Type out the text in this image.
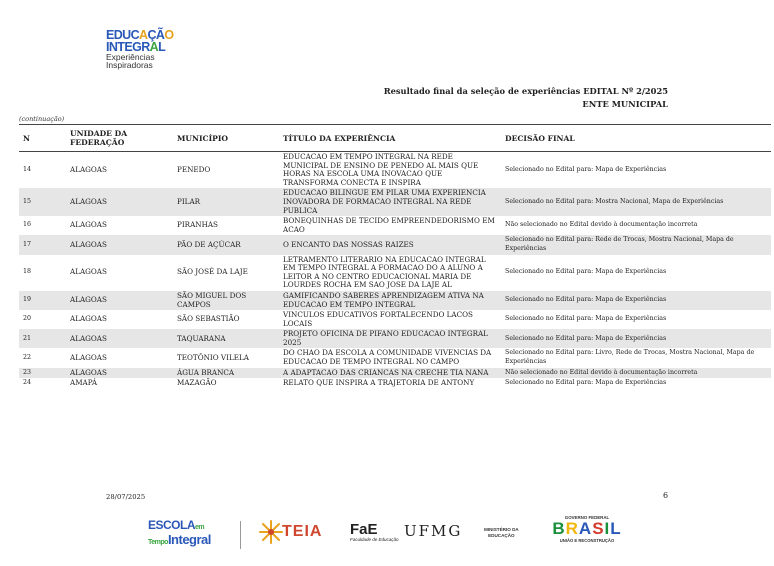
EDUCAÇÃO
INTEGRAL
Experiências
Inspiradoras
Resultado final da seleção de experiências EDITAL Nº 2/2025
ENTE MUNICIPAL
(continuação)
N	UNIDADE DA FEDERAÇÃO	MUNICÍPIO	TÍTULO DA EXPERIÊNCIA	DECISÃO FINAL
14	ALAGOAS	PENEDO	EDUCACAO EM TEMPO INTEGRAL NA REDE MUNICIPAL DE ENSINO DE PENEDO AL MAIS QUE HORAS NA ESCOLA UMA INOVACAO QUE TRANSFORMA CONECTA E INSPIRA	Selecionado no Edital para: Mapa de Experiências
15	ALAGOAS	PILAR	EDUCACAO BILINGUE EM PILAR UMA EXPERIENCIA INOVADORA DE FORMACAO INTEGRAL NA REDE PUBLICA	Selecionado no Edital para: Mostra Nacional, Mapa de Experiências
16	ALAGOAS	PIRANHAS	BONEQUINHAS DE TECIDO EMPREENDEDORISMO EM ACAO	Não selecionado no Edital devido à documentação incorreta
17	ALAGOAS	PÃO DE AÇÚCAR	O ENCANTO DAS NOSSAS RAIZES	Selecionado no Edital para: Rede de Trocas, Mostra Nacional, Mapa de Experiências
18	ALAGOAS	SÃO JOSÉ DA LAJE	LETRAMENTO LITERARIO NA EDUCACAO INTEGRAL EM TEMPO INTEGRAL A FORMACAO DO A ALUNO A LEITOR A NO CENTRO EDUCACIONAL MARIA DE LOURDES ROCHA EM SAO JOSE DA LAJE AL	Selecionado no Edital para: Mapa de Experiências
19	ALAGOAS	SÃO MIGUEL DOS CAMPOS	GAMIFICANDO SABERES APRENDIZAGEM ATIVA NA EDUCACAO EM TEMPO INTEGRAL	Selecionado no Edital para: Mapa de Experiências
20	ALAGOAS	SÃO SEBASTIÃO	VINCULOS EDUCATIVOS FORTALECENDO LACOS LOCAIS	Selecionado no Edital para: Mapa de Experiências
21	ALAGOAS	TAQUARANA	PROJETO OFICINA DE PIFANO EDUCACAO INTEGRAL 2025	Selecionado no Edital para: Mapa de Experiências
22	ALAGOAS	TEOTÔNIO VILELA	DO CHAO DA ESCOLA A COMUNIDADE VIVENCIAS DA EDUCACAO DE TEMPO INTEGRAL NO CAMPO	Selecionado no Edital para: Livro, Rede de Trocas, Mostra Nacional, Mapa de Experiências
23	ALAGOAS	ÁGUA BRANCA	A ADAPTACAO DAS CRIANCAS NA CRECHE TIA NANA	Não selecionado no Edital devido à documentação incorreta
24	AMAPÁ	MAZAGÃO	RELATO QUE INSPIRA A TRAJETORIA DE ANTONY	Selecionado no Edital para: Mapa de Experiências
28/07/2025	6
ESCOLAem
TempoIntegral	TEIA FaE
Faculdade de Educação UFMG	MINISTÉRIO DA
EDUCAÇÃO
GOVERNO FEDERAL
BRASIL
UNIÃO E RECONSTRUÇÃO
